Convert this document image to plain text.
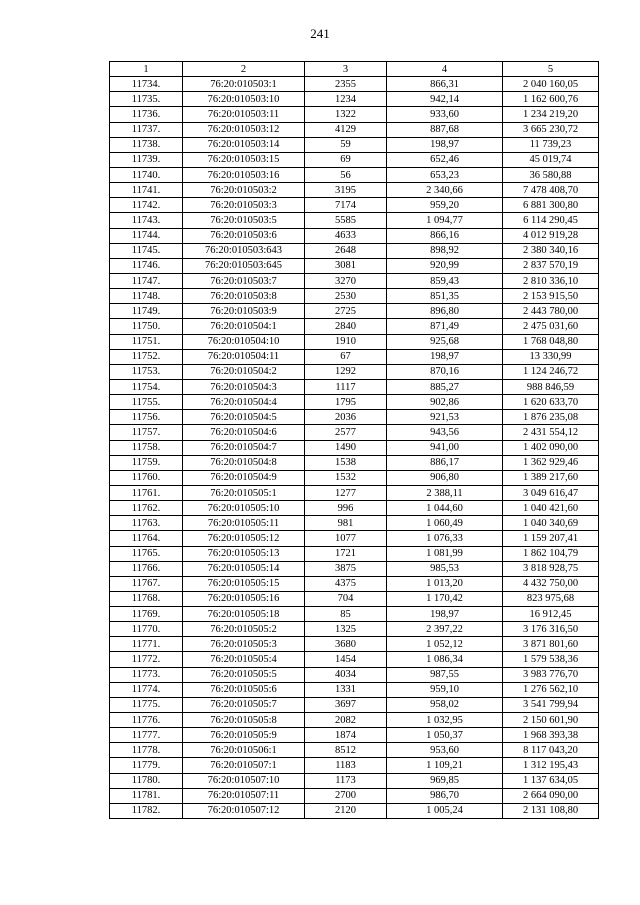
241
1	2	3	4	5
11734.	76:20:010503:1	2355	866,31	2 040 160,05
11735.	76:20:010503:10	1234	942,14	1 162 600,76
11736.	76:20:010503:11	1322	933,60	1 234 219,20
11737.	76:20:010503:12	4129	887,68	3 665 230,72
11738.	76:20:010503:14	59	198,97	11 739,23
11739.	76:20:010503:15	69	652,46	45 019,74
11740.	76:20:010503:16	56	653,23	36 580,88
11741.	76:20:010503:2	3195	2 340,66	7 478 408,70
11742.	76:20:010503:3	7174	959,20	6 881 300,80
11743.	76:20:010503:5	5585	1 094,77	6 114 290,45
11744.	76:20:010503:6	4633	866,16	4 012 919,28
11745.	76:20:010503:643	2648	898,92	2 380 340,16
11746.	76:20:010503:645	3081	920,99	2 837 570,19
11747.	76:20:010503:7	3270	859,43	2 810 336,10
11748.	76:20:010503:8	2530	851,35	2 153 915,50
11749.	76:20:010503:9	2725	896,80	2 443 780,00
11750.	76:20:010504:1	2840	871,49	2 475 031,60
11751.	76:20:010504:10	1910	925,68	1 768 048,80
11752.	76:20:010504:11	67	198,97	13 330,99
11753.	76:20:010504:2	1292	870,16	1 124 246,72
11754.	76:20:010504:3	1117	885,27	988 846,59
11755.	76:20:010504:4	1795	902,86	1 620 633,70
11756.	76:20:010504:5	2036	921,53	1 876 235,08
11757.	76:20:010504:6	2577	943,56	2 431 554,12
11758.	76:20:010504:7	1490	941,00	1 402 090,00
11759.	76:20:010504:8	1538	886,17	1 362 929,46
11760.	76:20:010504:9	1532	906,80	1 389 217,60
11761.	76:20:010505:1	1277	2 388,11	3 049 616,47
11762.	76:20:010505:10	996	1 044,60	1 040 421,60
11763.	76:20:010505:11	981	1 060,49	1 040 340,69
11764.	76:20:010505:12	1077	1 076,33	1 159 207,41
11765.	76:20:010505:13	1721	1 081,99	1 862 104,79
11766.	76:20:010505:14	3875	985,53	3 818 928,75
11767.	76:20:010505:15	4375	1 013,20	4 432 750,00
11768.	76:20:010505:16	704	1 170,42	823 975,68
11769.	76:20:010505:18	85	198,97	16 912,45
11770.	76:20:010505:2	1325	2 397,22	3 176 316,50
11771.	76:20:010505:3	3680	1 052,12	3 871 801,60
11772.	76:20:010505:4	1454	1 086,34	1 579 538,36
11773.	76:20:010505:5	4034	987,55	3 983 776,70
11774.	76:20:010505:6	1331	959,10	1 276 562,10
11775.	76:20:010505:7	3697	958,02	3 541 799,94
11776.	76:20:010505:8	2082	1 032,95	2 150 601,90
11777.	76:20:010505:9	1874	1 050,37	1 968 393,38
11778.	76:20:010506:1	8512	953,60	8 117 043,20
11779.	76:20:010507:1	1183	1 109,21	1 312 195,43
11780.	76:20:010507:10	1173	969,85	1 137 634,05
11781.	76:20:010507:11	2700	986,70	2 664 090,00
11782.	76:20:010507:12	2120	1 005,24	2 131 108,80
